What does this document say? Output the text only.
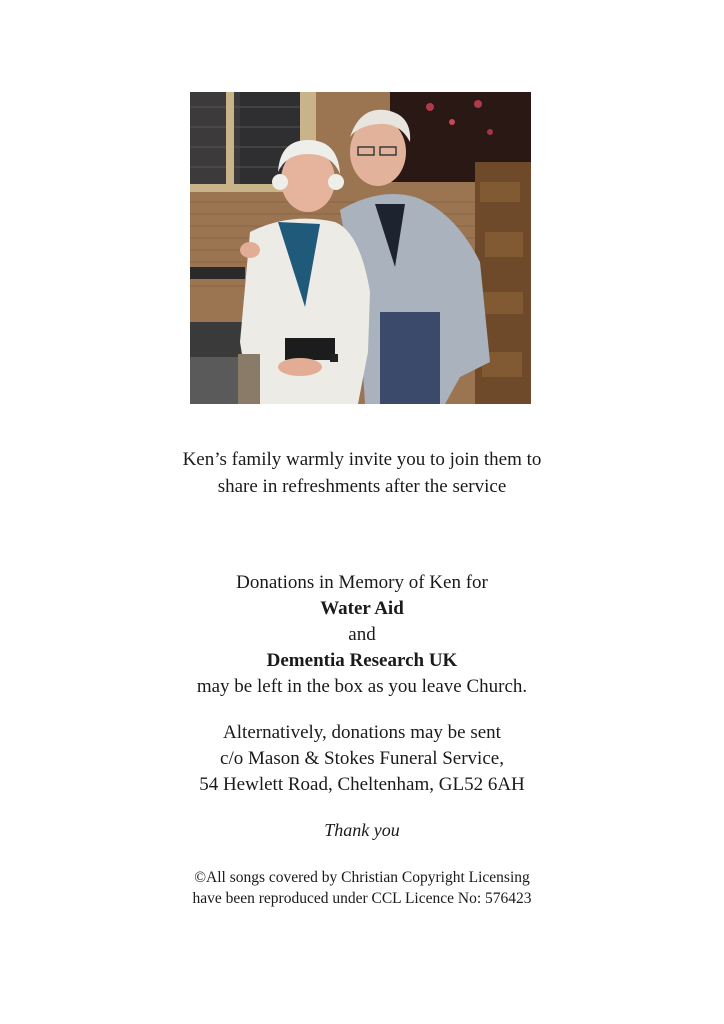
Ken’s family warmly invite you to join them to
share in refreshments after the service
Donations in Memory of Ken for
Water Aid
and
Dementia Research UK
may be left in the box as you leave Church.
Alternatively, donations may be sent
c/o Mason & Stokes Funeral Service,
54 Hewlett Road, Cheltenham, GL52 6AH
Thank you
©All songs covered by Christian Copyright Licensing
have been reproduced under CCL Licence No: 576423
